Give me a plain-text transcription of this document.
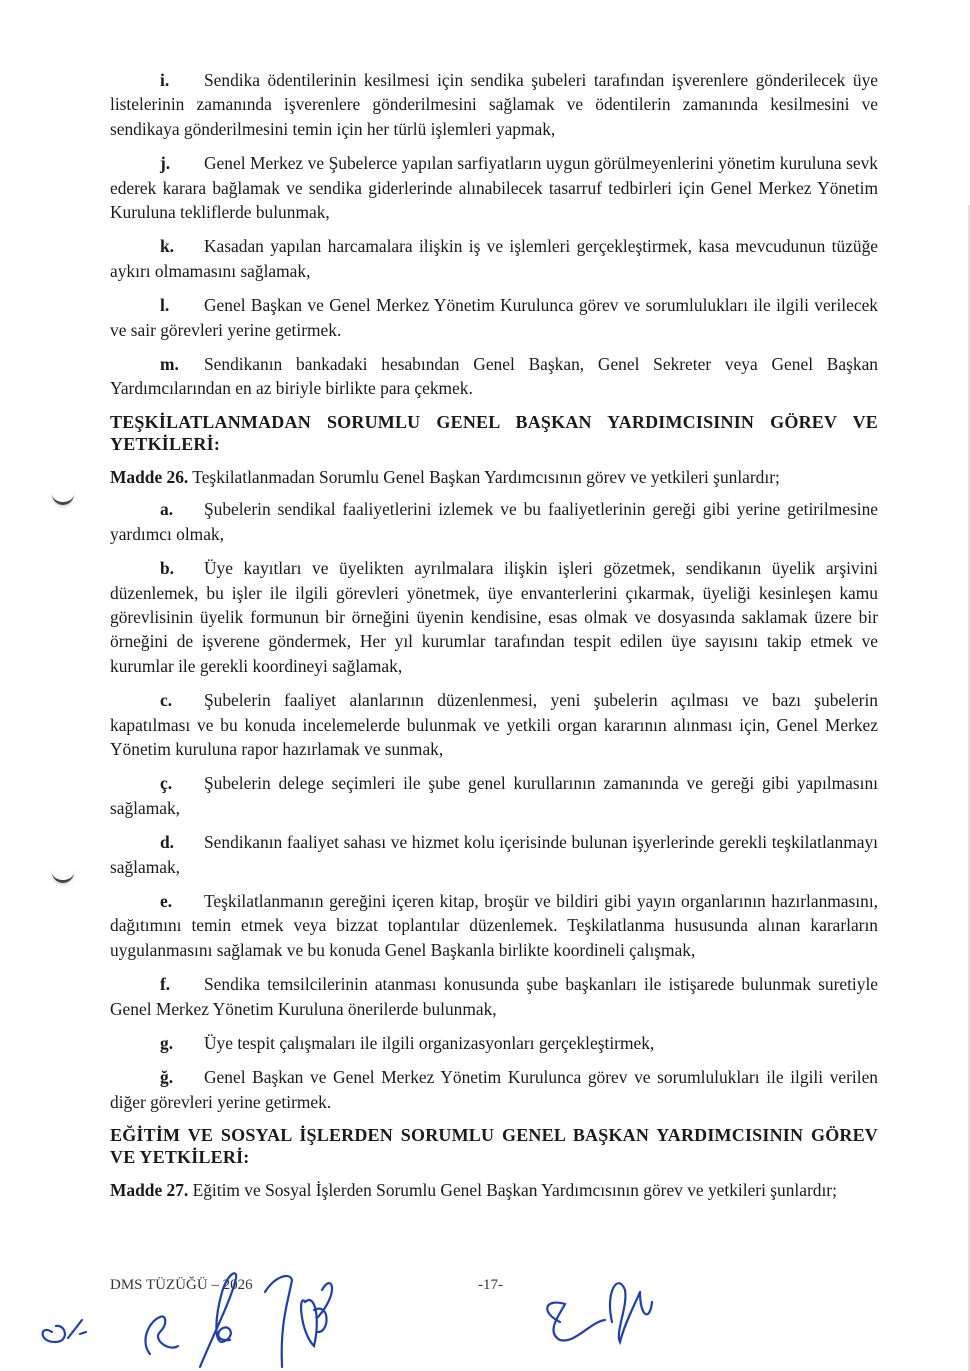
i. Sendika ödentilerinin kesilmesi için sendika şubeleri tarafından işverenlere gönderilecek üye listelerinin zamanında işverenlere gönderilmesini sağlamak ve ödentilerin zamanında kesilmesini ve sendikaya gönderilmesini temin için her türlü işlemleri yapmak,
j. Genel Merkez ve Şubelerce yapılan sarfiyatların uygun görülmeyenlerini yönetim kuruluna sevk ederek karara bağlamak ve sendika giderlerinde alınabilecek tasarruf tedbirleri için Genel Merkez Yönetim Kuruluna tekliflerde bulunmak,
k. Kasadan yapılan harcamalara ilişkin iş ve işlemleri gerçekleştirmek, kasa mevcudunun tüzüğe aykırı olmamasını sağlamak,
l. Genel Başkan ve Genel Merkez Yönetim Kurulunca görev ve sorumlulukları ile ilgili verilecek ve sair görevleri yerine getirmek.
m. Sendikanın bankadaki hesabından Genel Başkan, Genel Sekreter veya Genel Başkan Yardımcılarından en az biriyle birlikte para çekmek.
TEŞKİLATLANMADAN SORUMLU GENEL BAŞKAN YARDIMCISININ GÖREV VE YETKİLERİ:
Madde 26. Teşkilatlanmadan Sorumlu Genel Başkan Yardımcısının görev ve yetkileri şunlardır;
a. Şubelerin sendikal faaliyetlerini izlemek ve bu faaliyetlerinin gereği gibi yerine getirilmesine yardımcı olmak,
b. Üye kayıtları ve üyelikten ayrılmalara ilişkin işleri gözetmek, sendikanın üyelik arşivini düzenlemek, bu işler ile ilgili görevleri yönetmek, üye envanterlerini çıkarmak, üyeliği kesinleşen kamu görevlisinin üyelik formunun bir örneğini üyenin kendisine, esas olmak ve dosyasında saklamak üzere bir örneğini de işverene göndermek, Her yıl kurumlar tarafından tespit edilen üye sayısını takip etmek ve kurumlar ile gerekli koordineyi sağlamak,
c. Şubelerin faaliyet alanlarının düzenlenmesi, yeni şubelerin açılması ve bazı şubelerin kapatılması ve bu konuda incelemelerde bulunmak ve yetkili organ kararının alınması için, Genel Merkez Yönetim kuruluna rapor hazırlamak ve sunmak,
ç. Şubelerin delege seçimleri ile şube genel kurullarının zamanında ve gereği gibi yapılmasını sağlamak,
d. Sendikanın faaliyet sahası ve hizmet kolu içerisinde bulunan işyerlerinde gerekli teşkilatlanmayı sağlamak,
e. Teşkilatlanmanın gereğini içeren kitap, broşür ve bildiri gibi yayın organlarının hazırlanmasını, dağıtımını temin etmek veya bizzat toplantılar düzenlemek. Teşkilatlanma hususunda alınan kararların uygulanmasını sağlamak ve bu konuda Genel Başkanla birlikte koordineli çalışmak,
f. Sendika temsilcilerinin atanması konusunda şube başkanları ile istişarede bulunmak suretiyle Genel Merkez Yönetim Kuruluna önerilerde bulunmak,
g. Üye tespit çalışmaları ile ilgili organizasyonları gerçekleştirmek,
ğ. Genel Başkan ve Genel Merkez Yönetim Kurulunca görev ve sorumlulukları ile ilgili verilen diğer görevleri yerine getirmek.
EĞİTİM VE SOSYAL İŞLERDEN SORUMLU GENEL BAŞKAN YARDIMCISININ GÖREV VE YETKİLERİ:
Madde 27. Eğitim ve Sosyal İşlerden Sorumlu Genel Başkan Yardımcısının görev ve yetkileri şunlardır;
DMS TÜZÜĞÜ – 2026	-17-
